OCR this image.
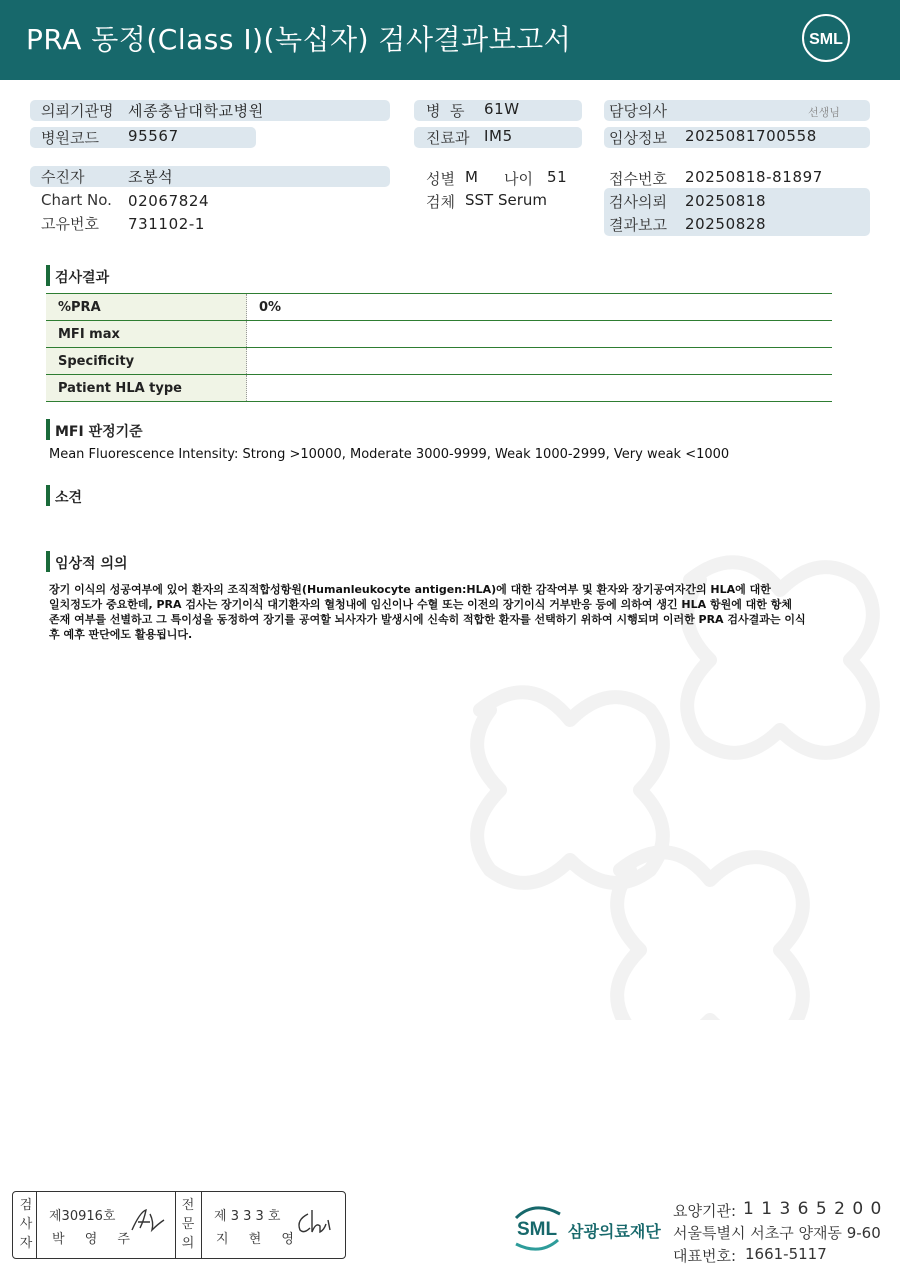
PRA 동정(Class I)(녹십자) 검사결과보고서	SML
의뢰기관명 세종충남대학교병원
병원코드 95567
병  동 61W
진료과 IM5
담당의사	선생님
임상정보 2025081700558
수진자	조봉석
Chart No. 02067824
고유번호 731102-1
성별 M 나이 51
검체 SST Serum
접수번호 20250818-81897
검사의뢰 20250818
결과보고 20250828
검사결과
%PRA	0%
MFI max	
Specificity	
Patient HLA type	
MFI 판정기준
Mean Fluorescence Intensity: Strong >10000, Moderate 3000-9999, Weak 1000-2999, Very weak <1000
소견
임상적 의의
장기 이식의 성공여부에 있어 환자의 조직적합성항원(Humanleukocyte antigen:HLA)에 대한 감작여부 및 환자와 장기공여자간의 HLA에 대한
일치정도가 중요한데, PRA 검사는 장기이식 대기환자의 혈청내에 임신이나 수혈 또는 이전의 장기이식 거부반응 등에 의하여 생긴 HLA 항원에 대한 항체
존재 여부를 선별하고 그 특이성을 동정하여 장기를 공여할 뇌사자가 발생시에 신속히 적합한 환자를 선택하기 위하여 시행되며 이러한 PRA 검사결과는 이식
후 예후 판단에도 활용됩니다.
검
사
자
제30916호
박 영 주
전
문
의
제 3 3 3 호
지 현 영	SML 삼광의료재단
요양기관: 1 1 3 6 5 2 0 0
서울특별시 서초구 양재동 9-60
대표번호: 1661-5117
